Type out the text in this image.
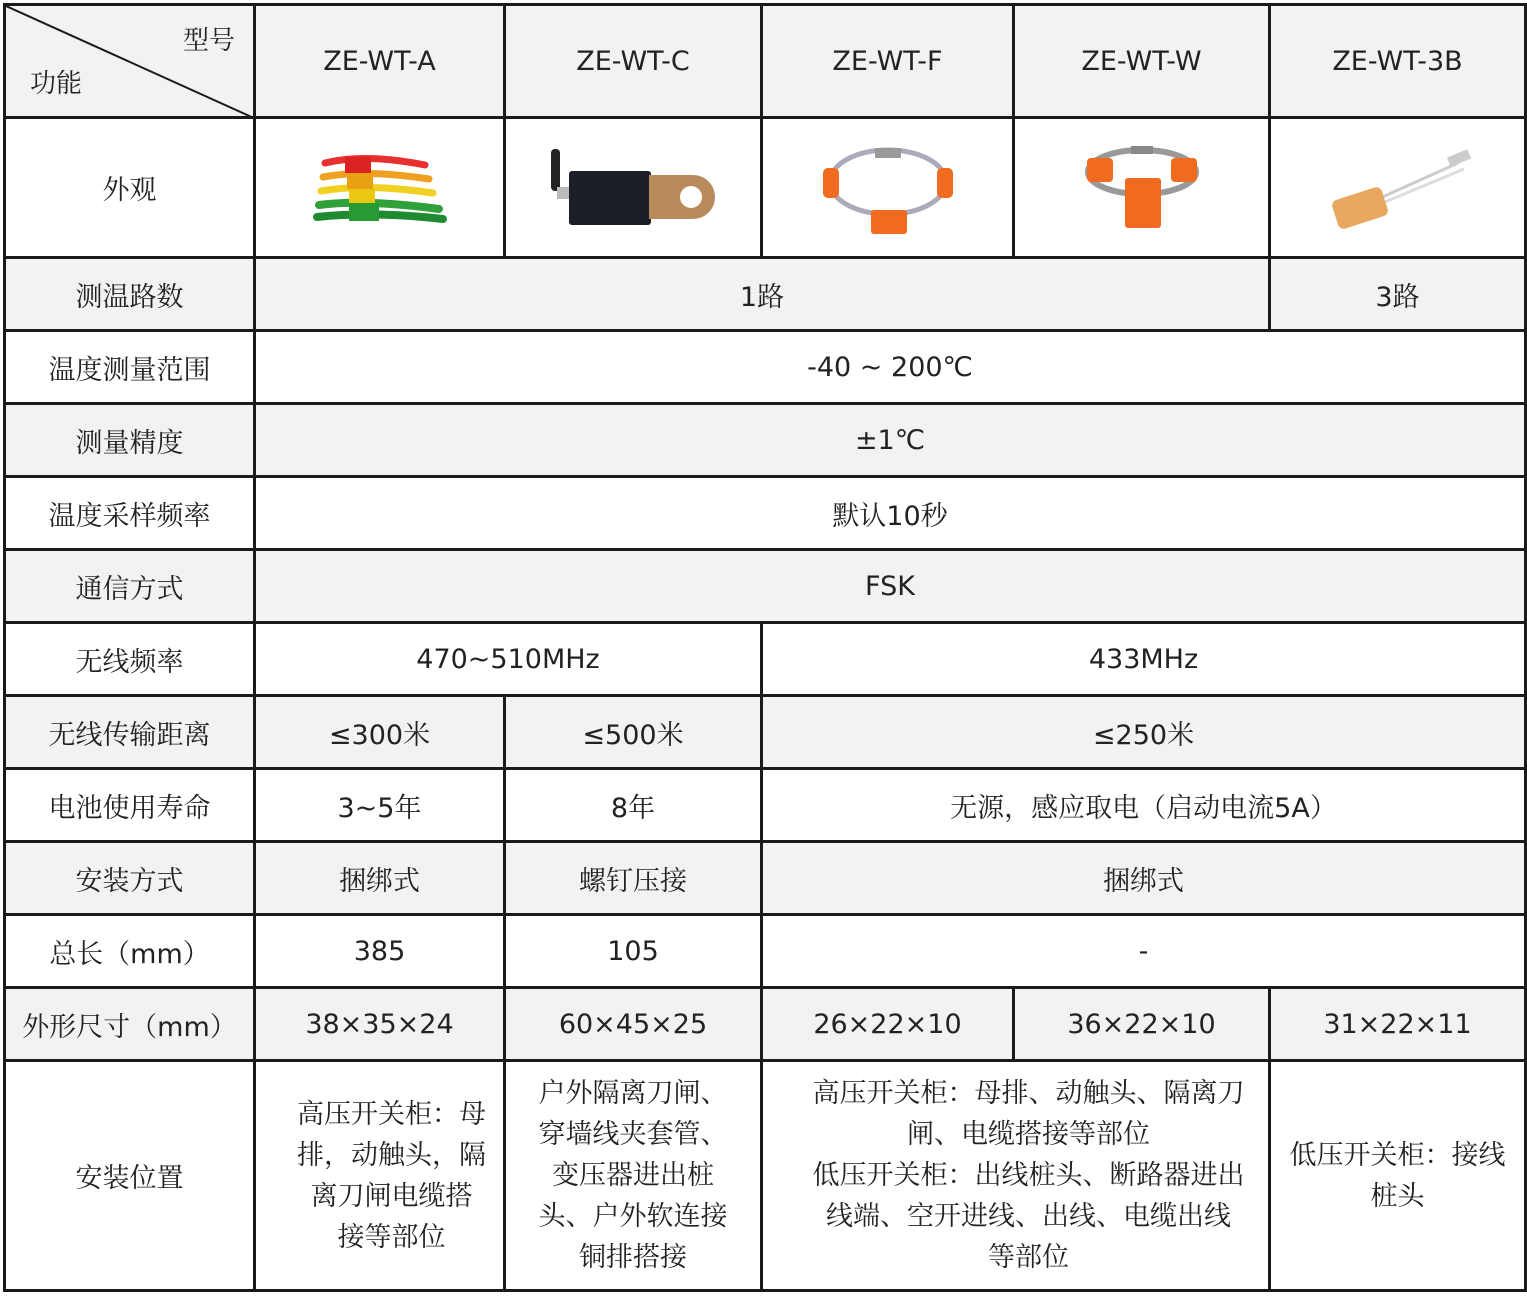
型号
功能	ZE-WT-A	ZE-WT-C	ZE-WT-F	ZE-WT-W	ZE-WT-3B
外观	

测温路数	1路				3路
温度测量范围	-40 ~ 200℃				
测量精度	±1℃				
温度采样频率	默认10秒				
通信方式	FSK				
无线频率	470~510MHz		433MHz		
无线传输距离	≤300米	≤500米	≤250米		
电池使用寿命	3~5年	8年	无源，感应取电（启动电流5A）		
安装方式	捆绑式	螺钉压接	捆绑式		
总长（mm）	385	105	-		
外形尺寸（mm）	38×35×24	60×45×25	26×22×10	36×22×10	31×22×11
安装位置	高压开关柜：母
排，动触头，隔
离刀闸电缆搭
接等部位	户外隔离刀闸、
穿墙线夹套管、
变压器进出桩
头、户外软连接
铜排搭接	高压开关柜：母排、动触头、隔离刀
闸、电缆搭接等部位
低压开关柜：出线桩头、断路器进出
线端、空开进线、出线、电缆出线
等部位		低压开关柜：接线
桩头
